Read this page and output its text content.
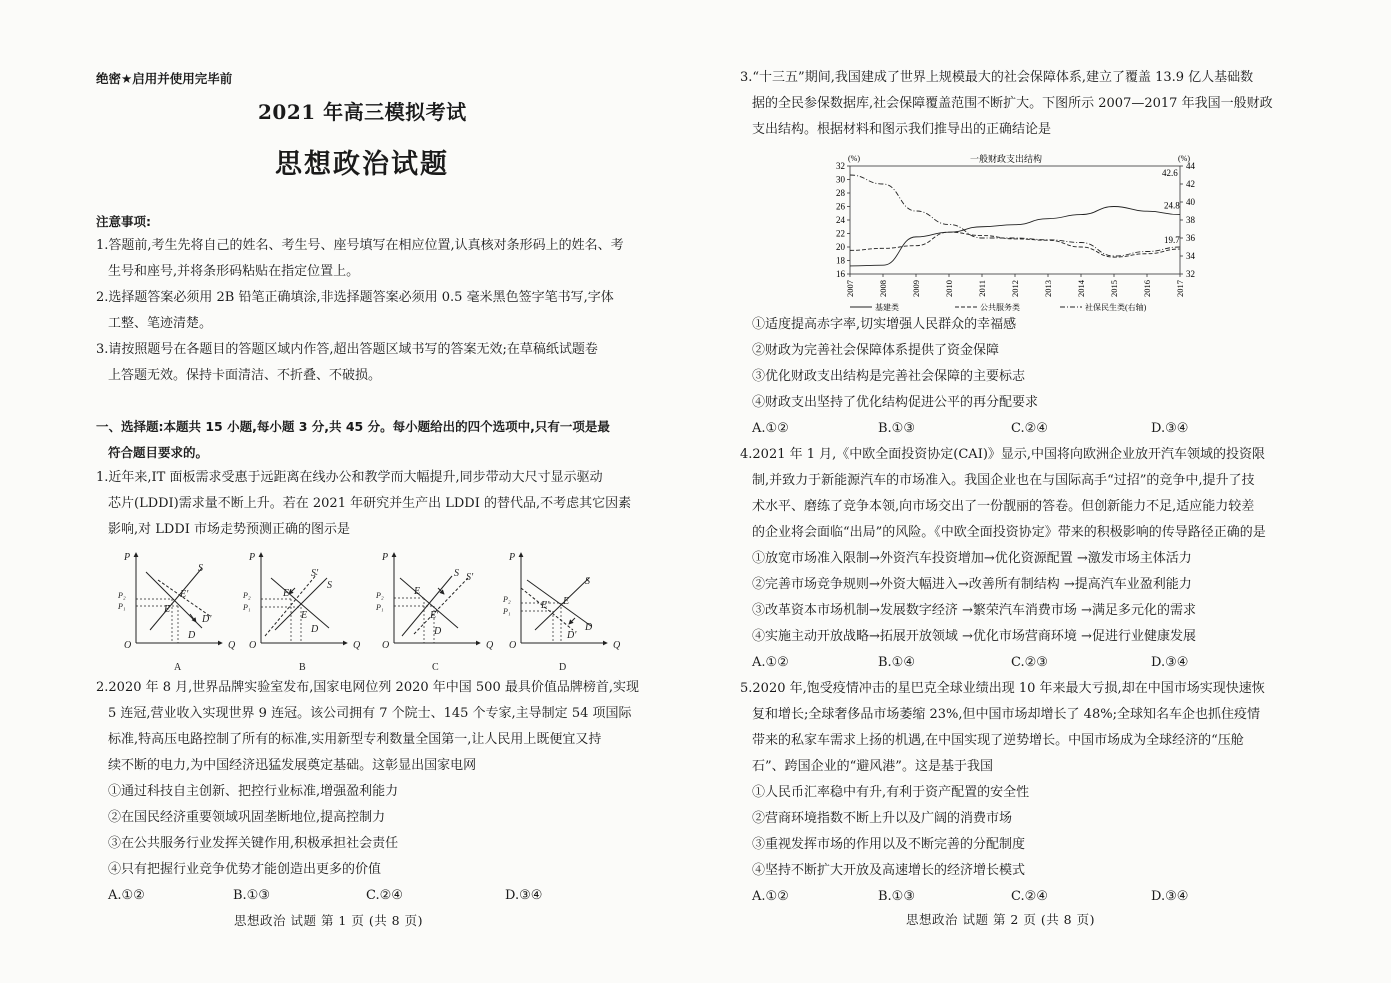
绝密★启用并使用完毕前
2021 年高三模拟考试
思想政治试题
注意事项:
1.答题前,考生先将自己的姓名、考生号、座号填写在相应位置,认真核对条形码上的姓名、考
生号和座号,并将条形码粘贴在指定位置上。
2.选择题答案必须用 2B 铅笔正确填涂,非选择题答案必须用 0.5 毫米黑色签字笔书写,字体
工整、笔迹清楚。
3.请按照题号在各题目的答题区域内作答,超出答题区域书写的答案无效;在草稿纸试题卷
上答题无效。保持卡面清洁、不折叠、不破损。
一、选择题:本题共 15 小题,每小题 3 分,共 45 分。每小题给出的四个选项中,只有一项是最
符合题目要求的。
1.近年来,IT 面板需求受惠于远距离在线办公和教学而大幅提升,同步带动大尺寸显示驱动
芯片(LDDI)需求量不断上升。若在 2021 年研究并生产出 LDDI 的替代品,不考虑其它因素
影响,对 LDDI 市场走势预测正确的图示是
P
Q
O
P₂
P₁
S
D
D'
E
E'
A
P
Q
O
P₂
P₁
S
S'
D
E
E'
B
P
Q
O
P₂
P₁
S S'
D
E
E'
C
P
Q
O
P₂
P₁
S
D
D'
E
E'
D
2.2020 年 8 月,世界品牌实验室发布,国家电网位列 2020 年中国 500 最具价值品牌榜首,实现
5 连冠,营业收入实现世界 9 连冠。该公司拥有 7 个院士、145 个专家,主导制定 54 项国际
标准,特高压电路控制了所有的标准,实用新型专利数量全国第一,让人民用上既便宜又持
续不断的电力,为中国经济迅猛发展奠定基础。这彰显出国家电网
①通过科技自主创新、把控行业标准,增强盈利能力
②在国民经济重要领域巩固垄断地位,提高控制力
③在公共服务行业发挥关键作用,积极承担社会责任
④只有把握行业竞争优势才能创造出更多的价值
A.①②	B.①③	C.②④	D.③④
思想政治 试题 第 1 页 (共 8 页)
3.“十三五”期间,我国建成了世界上规模最大的社会保障体系,建立了覆盖 13.9 亿人基础数
据的全民参保数据库,社会保障覆盖范围不断扩大。下图所示 2007—2017 年我国一般财政
支出结构。根据材料和图示我们推导出的正确结论是
16
18
20
22
24
26
28
30
32
32
34
36
38
40
42
44
2007	2008	2009	2010	2011	2012	2013	2014	2015	2016	2017
一般财政支出结构
(%)	(%)
24.8
基建类
19.7
公共服务类	社保民生类(右轴)
42.6
①适度提高赤字率,切实增强人民群众的幸福感
②财政为完善社会保障体系提供了资金保障
③优化财政支出结构是完善社会保障的主要标志
④财政支出坚持了优化结构促进公平的再分配要求
A.①②	B.①③	C.②④	D.③④
4.2021 年 1 月,《中欧全面投资协定(CAI)》显示,中国将向欧洲企业放开汽车领域的投资限
制,并致力于新能源汽车的市场准入。我国企业也在与国际高手“过招”的竞争中,提升了技
术水平、磨练了竞争本领,向市场交出了一份靓丽的答卷。但创新能力不足,适应能力较差
的企业将会面临“出局”的风险。《中欧全面投资协定》带来的积极影响的传导路径正确的是
①放宽市场准入限制→外资汽车投资增加→优化资源配置 →激发市场主体活力
②完善市场竞争规则→外资大幅进入→改善所有制结构 →提高汽车业盈利能力
③改革资本市场机制→发展数字经济 →繁荣汽车消费市场 →满足多元化的需求
④实施主动开放战略→拓展开放领域 →优化市场营商环境 →促进行业健康发展
A.①②	B.①④	C.②③	D.③④
5.2020 年,饱受疫情冲击的星巴克全球业绩出现 10 年来最大亏损,却在中国市场实现快速恢
复和增长;全球奢侈品市场萎缩 23%,但中国市场却增长了 48%;全球知名车企也抓住疫情
带来的私家车需求上扬的机遇,在中国实现了逆势增长。中国市场成为全球经济的“压舱
石”、跨国企业的“避风港”。这是基于我国
①人民币汇率稳中有升,有利于资产配置的安全性
②营商环境指数不断上升以及广阔的消费市场
③重视发挥市场的作用以及不断完善的分配制度
④坚持不断扩大开放及高速增长的经济增长模式
A.①②	B.①③	C.②④	D.③④
思想政治 试题 第 2 页 (共 8 页)
